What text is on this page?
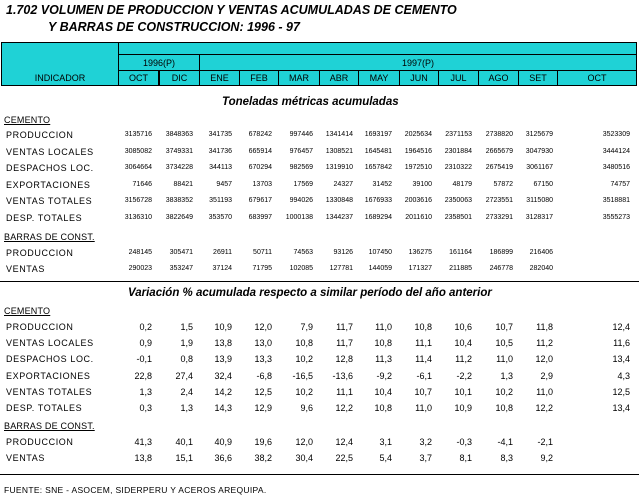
1.702 VOLUMEN DE PRODUCCION Y VENTAS ACUMULADAS DE CEMENTO
Y BARRAS DE CONSTRUCCION: 1996 - 97
INDICADOR
1996(P)	1997(P)
OCT	DIC	ENE	FEB	MAR	ABR	MAY	JUN	JUL	AGO	SET	OCT
Toneladas métricas acumuladas
Variación % acumulada respecto a similar período del año anterior
FUENTE: SNE - ASOCEM, SIDERPERU Y ACEROS AREQUIPA.
CEMENTO
PRODUCCION	3135716 3848363 341735 678242	997446 1341414 1693197 2025634 2371153 2738820 3125679	3523309
VENTAS LOCALES	3085082 3749331 341736 665914	976457 1308521 1645481 1964516 2301884 2665679 3047930	3444124
DESPACHOS LOC.	3064664 3734228 344113 670294	982569 1319910 1657842 1972510 2310322 2675419 3061167	3480516
EXPORTACIONES	71646	88421	9457	13703	17569	24327	31452	39100	48179	57872	67150	74757
VENTAS TOTALES	3156728 3838352 351193 679617	994026 1330848 1676933 2003616 2350063 2723551 3115080	3518881
DESP. TOTALES	3136310 3822649 353570 683997 1000138 1344237 1689294 2011610 2358501 2733291 3128317	3555273
BARRAS DE CONST.
PRODUCCION	248145	305471	26911	50711	74563	93126 107450 136275 161164	186899 216406
VENTAS	290023	353247	37124	71795	102085 127781 144059 171327 211885	246778 282040
CEMENTO
PRODUCCION	0,2	1,5 10,9 12,0	7,9	11,7 11,0 10,8 10,6	10,7	11,8	12,4
VENTAS LOCALES	0,9	1,9 13,8 13,0	10,8	11,7 10,8	11,1 10,4	10,5	11,2	11,6
DESPACHOS LOC.	-0,1	0,8 13,9 13,3	10,2 12,8 11,3	11,4	11,2	11,0 12,0	13,4
EXPORTACIONES	22,8	27,4 32,4	-6,8 -16,5 -13,6	-9,2	-6,1	-2,2	1,3	2,9	4,3
VENTAS TOTALES	1,3	2,4 14,2 12,5	10,2	11,1 10,4 10,7 10,1	10,2	11,0	12,5
DESP. TOTALES	0,3	1,3 14,3 12,9	9,6 12,2 10,8	11,0 10,9	10,8 12,2	13,4
BARRAS DE CONST.
PRODUCCION	41,3	40,1 40,9 19,6	12,0 12,4	3,1	3,2	-0,3	-4,1	-2,1
VENTAS	13,8	15,1 36,6 38,2	30,4 22,5	5,4	3,7	8,1	8,3	9,2
